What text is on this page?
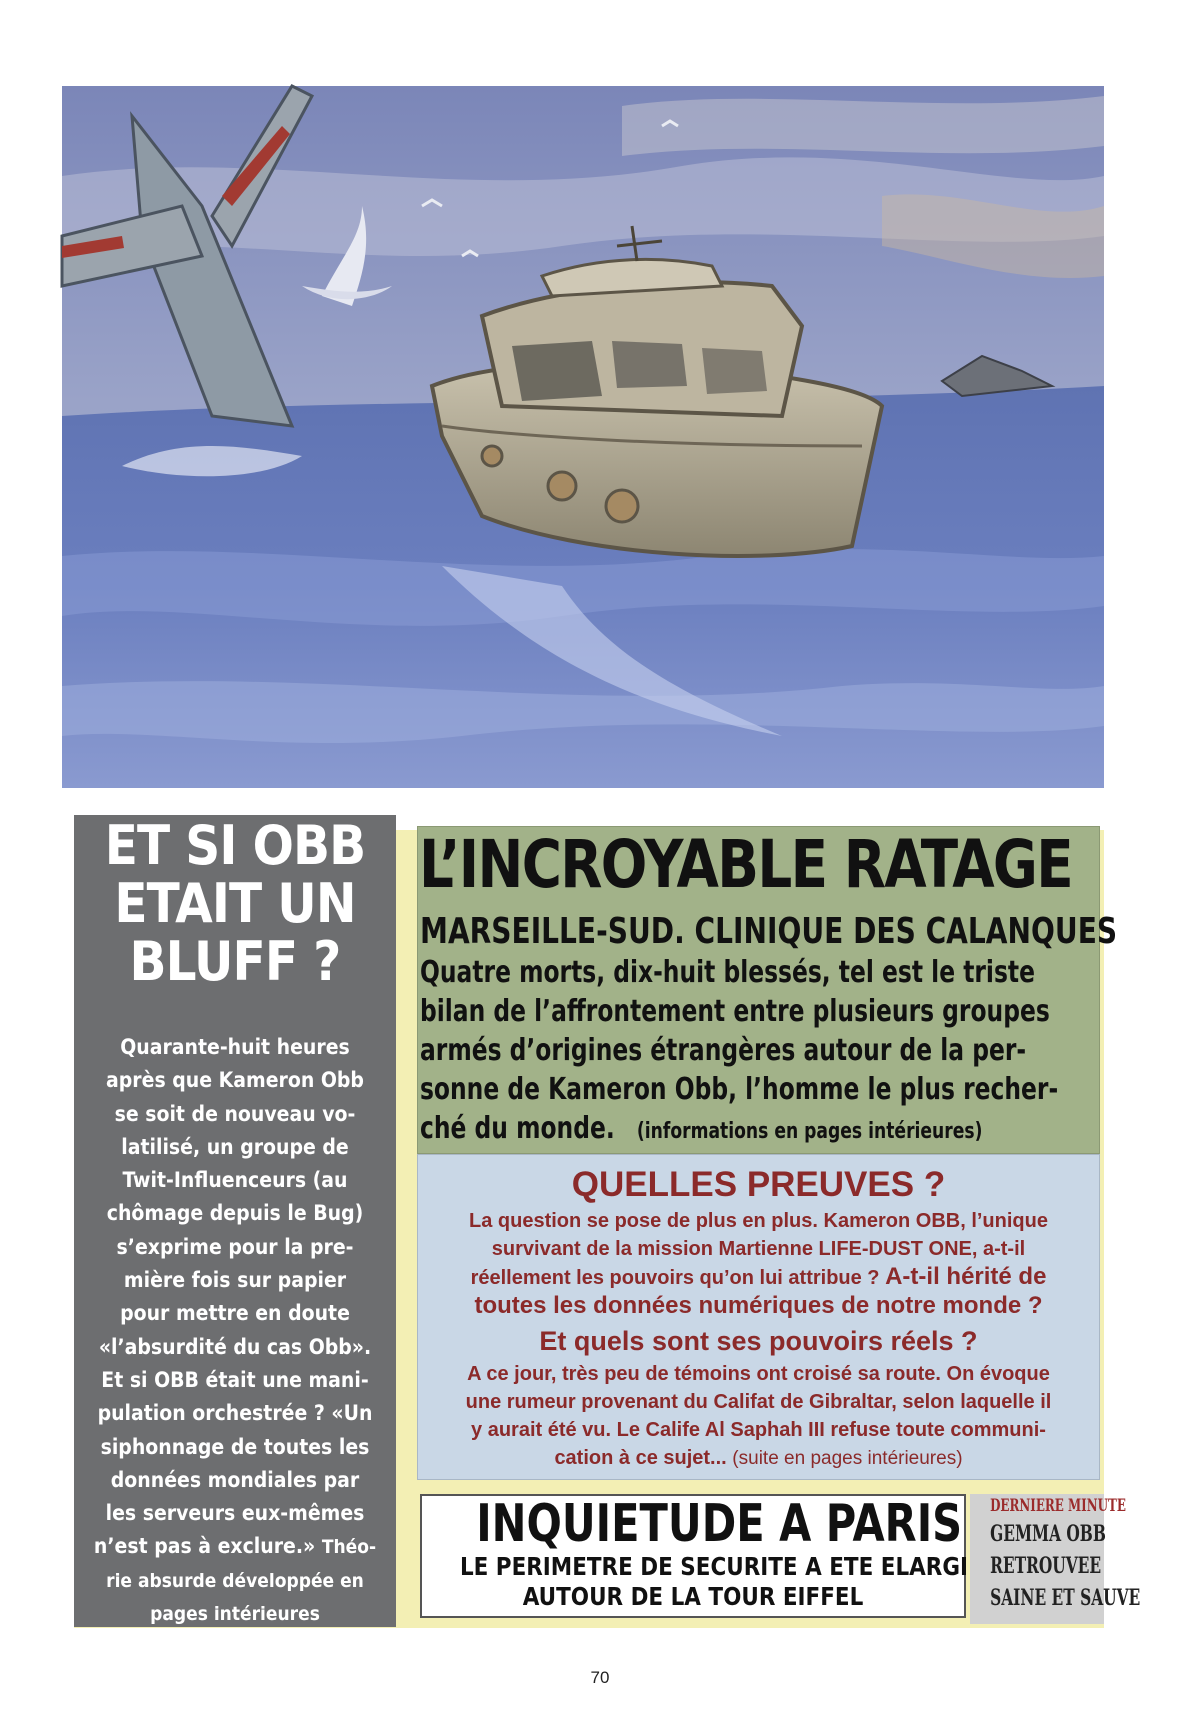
ET SI OBB
ETAIT UN
BLUFF ?
Quarante-huit heures
après que Kameron Obb
se soit de nouveau vo-
latilisé, un groupe de
Twit-Influenceurs (au
chômage depuis le Bug)
s’exprime pour la pre-
mière fois sur papier
pour mettre en doute
«l’absurdité du cas Obb».
Et si OBB était une mani-
pulation orchestrée ? «Un
siphonnage de toutes les
données mondiales par
les serveurs eux-mêmes
n’est pas à exclure.» Théo-
rie absurde développée en
pages intérieures
L’INCROYABLE RATAGE
MARSEILLE-SUD. CLINIQUE DES CALANQUES
Quatre morts, dix-huit blessés, tel est le triste
bilan de l’affrontement entre plusieurs groupes
armés d’origines étrangères autour de la per-
sonne de Kameron Obb, l’homme le plus recher-
ché du monde. (informations en pages intérieures)
QUELLES PREUVES ?
La question se pose de plus en plus. Kameron OBB, l’unique
survivant de la mission Martienne LIFE-DUST ONE, a-t-il
réellement les pouvoirs qu’on lui attribue ? A-t-il hérité de
toutes les données numériques de notre monde ?
Et quels sont ses pouvoirs réels ?
A ce jour, très peu de témoins ont croisé sa route. On évoque
une rumeur provenant du Califat de Gibraltar, selon laquelle il
y aurait été vu. Le Calife Al Saphah III refuse toute communi-
cation à ce sujet... (suite en pages intérieures)
INQUIETUDE A PARIS
LE PERIMETRE DE SECURITE A ETE ELARGI
AUTOUR DE LA TOUR EIFFEL
DERNIERE MINUTE
GEMMA OBB
RETROUVEE
SAINE ET SAUVE
70
